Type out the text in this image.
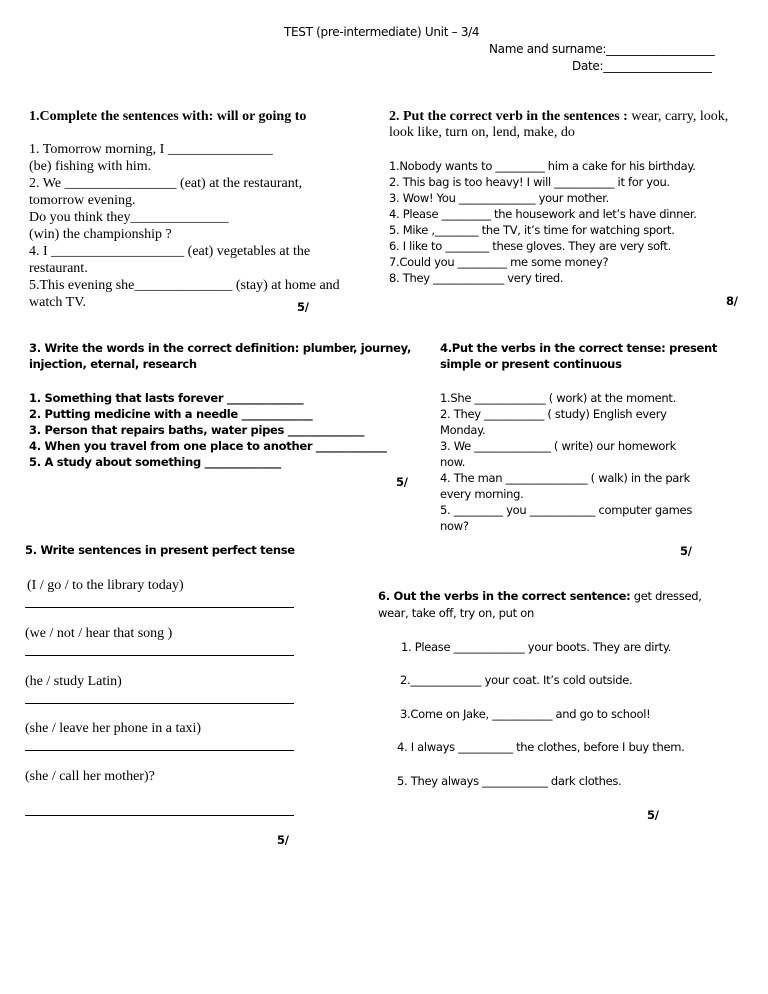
TEST (pre-intermediate) Unit – 3/4
Name and surname:___________________
Date:___________________
1.Complete the sentences with: will or going to
1. Tomorrow morning, I _______________
(be) fishing with him.
2. We ________________ (eat) at the restaurant,
tomorrow evening.
Do you think they______________
(win) the championship ?
4. I ___________________ (eat) vegetables at the
restaurant.
5.This evening she______________ (stay) at home and
watch TV.	5/
2. Put the correct verb in the sentences : wear, carry, look,
look like, turn on, lend, make, do
1.Nobody wants to _________ him a cake for his birthday.
2. This bag is too heavy! I will ___________ it for you.
3. Wow! You ______________ your mother.
4. Please _________ the housework and let’s have dinner.
5. Mike ,________ the TV, it’s time for watching sport.
6. I like to ________ these gloves. They are very soft.
7.Could you _________ me some money?
8. They _____________ very tired.
8/
3. Write the words in the correct definition: plumber, journey,
injection, eternal, research
1. Something that lasts forever ______________
2. Putting medicine with a needle _____________
3. Person that repairs baths, water pipes ______________
4. When you travel from one place to another _____________
5. A study about something ______________
5/
4.Put the verbs in the correct tense: present
simple or present continuous
1.She _____________ ( work) at the moment.
2. They ___________ ( study) English every
Monday.
3. We ______________ ( write) our homework
now.
4. The man _______________ ( walk) in the park
every morning.
5. _________ you ____________ computer games
now?
5/
5. Write sentences in present perfect tense
(I / go / to the library today)
(we / not / hear that song )
(he / study Latin)
(she / leave her phone in a taxi)
(she / call her mother)?
5/
6. Out the verbs in the correct sentence: get dressed,
wear, take off, try on, put on
1. Please _____________ your boots. They are dirty.
2._____________ your coat. It’s cold outside.
3.Come on Jake, ___________ and go to school!
4. I always __________ the clothes, before I buy them.
5. They always ____________ dark clothes.
5/
